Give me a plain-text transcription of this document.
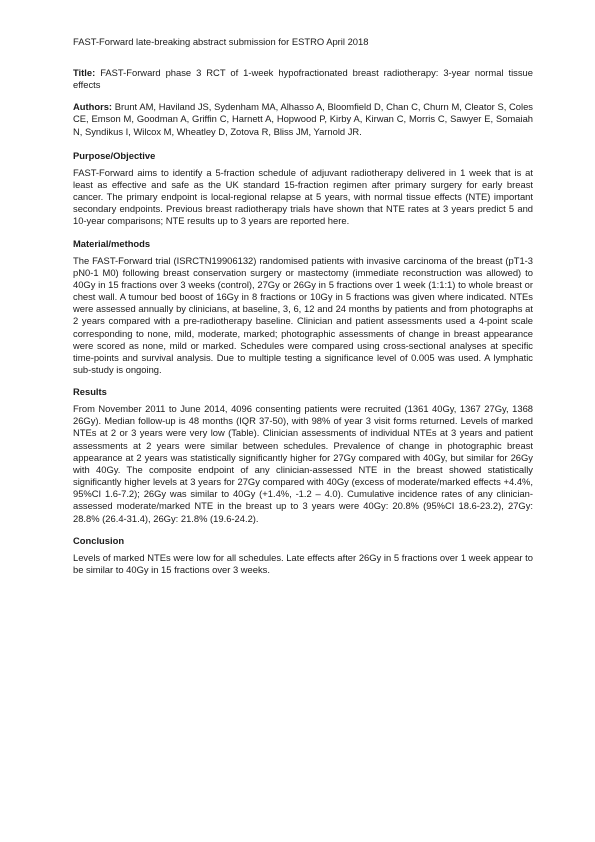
FAST-Forward late-breaking abstract submission for ESTRO April 2018

Title: FAST-Forward phase 3 RCT of 1-week hypofractionated breast radiotherapy: 3-year normal tissue effects

Authors: Brunt AM, Haviland JS, Sydenham MA, Alhasso A, Bloomfield D, Chan C, Churn M, Cleator S, Coles CE, Emson M, Goodman A, Griffin C, Harnett A, Hopwood P, Kirby A, Kirwan C, Morris C, Sawyer E, Somaiah N, Syndikus I, Wilcox M, Wheatley D, Zotova R, Bliss JM, Yarnold JR.

Purpose/Objective

FAST-Forward aims to identify a 5-fraction schedule of adjuvant radiotherapy delivered in 1 week that is at least as effective and safe as the UK standard 15-fraction regimen after primary surgery for early breast cancer. The primary endpoint is local-regional relapse at 5 years, with normal tissue effects (NTE) important secondary endpoints. Previous breast radiotherapy trials have shown that NTE rates at 3 years predict 5 and 10-year comparisons; NTE results up to 3 years are reported here.

Material/methods

The FAST-Forward trial (ISRCTN19906132) randomised patients with invasive carcinoma of the breast (pT1-3 pN0-1 M0) following breast conservation surgery or mastectomy (immediate reconstruction was allowed) to 40Gy in 15 fractions over 3 weeks (control), 27Gy or 26Gy in 5 fractions over 1 week (1:1:1) to whole breast or chest wall. A tumour bed boost of 16Gy in 8 fractions or 10Gy in 5 fractions was given where indicated. NTEs were assessed annually by clinicians, at baseline, 3, 6, 12 and 24 months by patients and from photographs at 2 years compared with a pre-radiotherapy baseline. Clinician and patient assessments used a 4-point scale corresponding to none, mild, moderate, marked; photographic assessments of change in breast appearance were scored as none, mild or marked. Schedules were compared using cross-sectional analyses at specific time-points and survival analysis. Due to multiple testing a significance level of 0.005 was used. A lymphatic sub-study is ongoing.

Results

From November 2011 to June 2014, 4096 consenting patients were recruited (1361 40Gy, 1367 27Gy, 1368 26Gy). Median follow-up is 48 months (IQR 37-50), with 98% of year 3 visit forms returned. Levels of marked NTEs at 2 or 3 years were very low (Table). Clinician assessments of individual NTEs at 3 years and patient assessments at 2 years were similar between schedules. Prevalence of change in photographic breast appearance at 2 years was statistically significantly higher for 27Gy compared with 40Gy, but similar for 26Gy with 40Gy. The composite endpoint of any clinician-assessed NTE in the breast showed statistically significantly higher levels at 3 years for 27Gy compared with 40Gy (excess of moderate/marked effects +4.4%, 95%CI 1.6-7.2); 26Gy was similar to 40Gy (+1.4%, -1.2 – 4.0). Cumulative incidence rates of any clinician-assessed moderate/marked NTE in the breast up to 3 years were 40Gy: 20.8% (95%CI 18.6-23.2), 27Gy: 28.8% (26.4-31.4), 26Gy: 21.8% (19.6-24.2).

Conclusion

Levels of marked NTEs were low for all schedules. Late effects after 26Gy in 5 fractions over 1 week appear to be similar to 40Gy in 15 fractions over 3 weeks.
